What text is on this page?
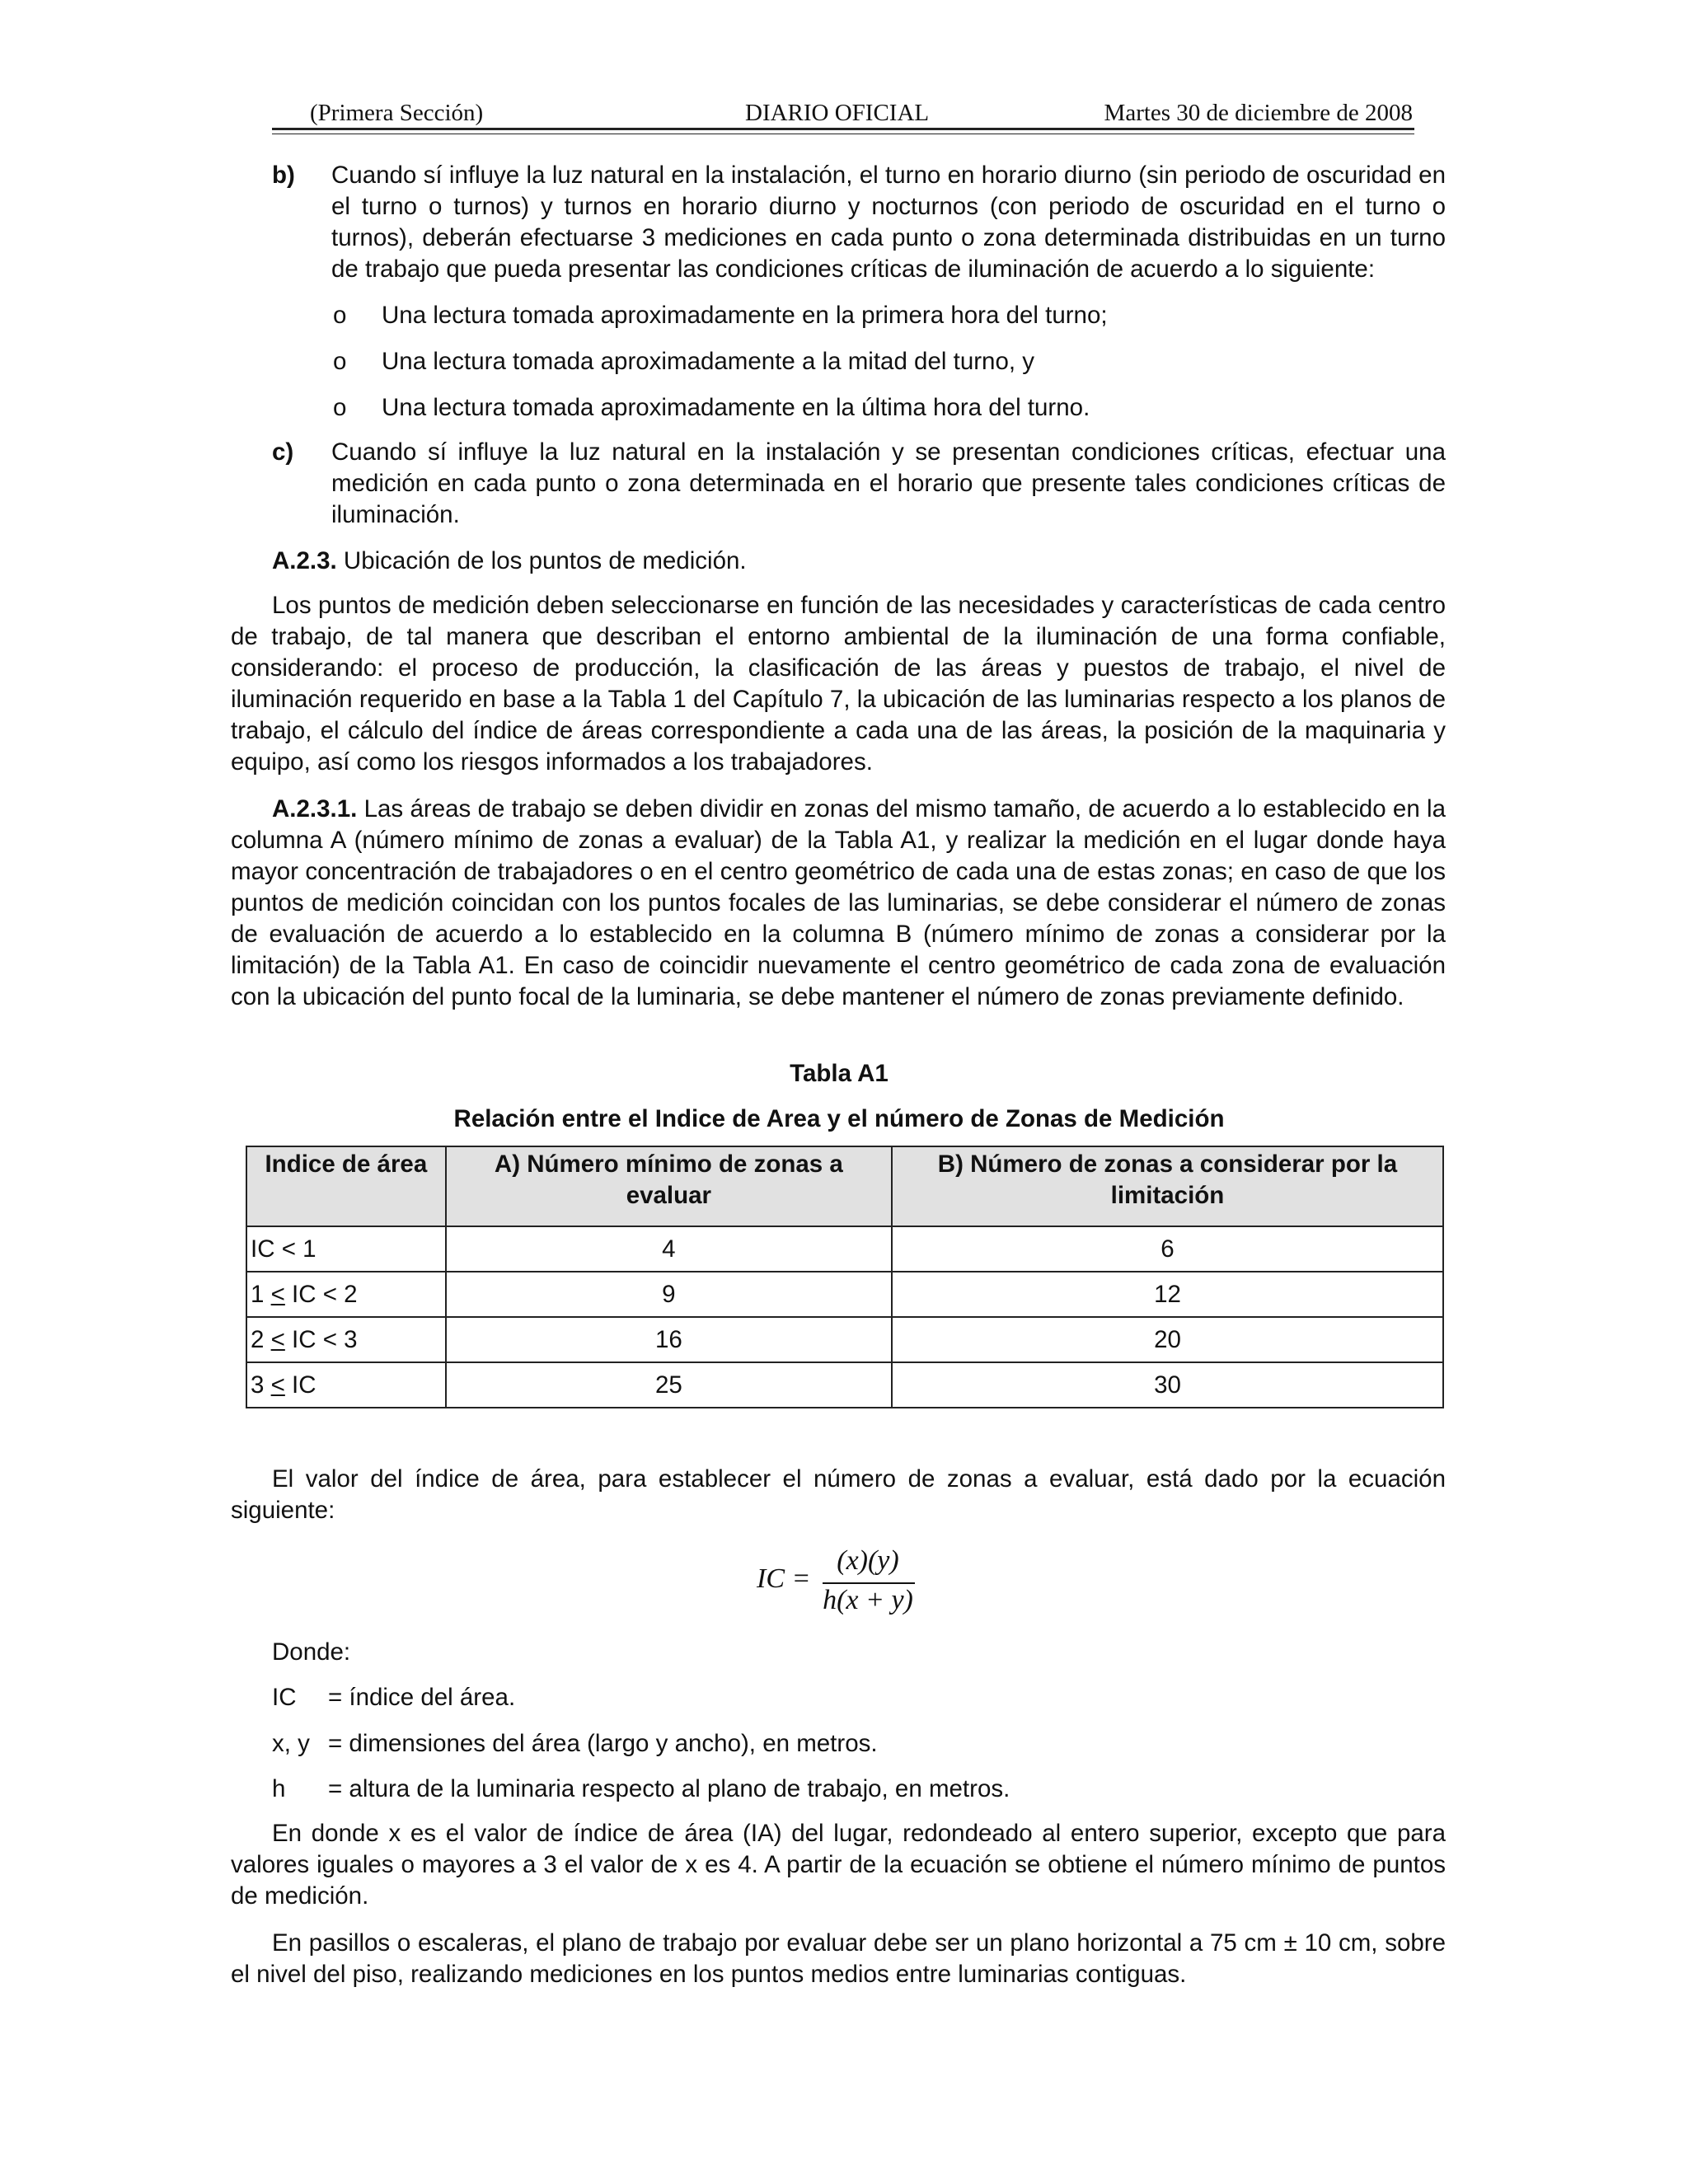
(Primera Sección)	DIARIO OFICIAL	Martes 30 de diciembre de 2008
b) Cuando sí influye la luz natural en la instalación, el turno en horario diurno (sin periodo de oscuridad en el turno o turnos) y turnos en horario diurno y nocturnos (con periodo de oscuridad en el turno o turnos), deberán efectuarse 3 mediciones en cada punto o zona determinada distribuidas en un turno de trabajo que pueda presentar las condiciones críticas de iluminación de acuerdo a lo siguiente:
o Una lectura tomada aproximadamente en la primera hora del turno;
o Una lectura tomada aproximadamente a la mitad del turno, y
o Una lectura tomada aproximadamente en la última hora del turno.
c) Cuando sí influye la luz natural en la instalación y se presentan condiciones críticas, efectuar una medición en cada punto o zona determinada en el horario que presente tales condiciones críticas de iluminación.
A.2.3. Ubicación de los puntos de medición.
Los puntos de medición deben seleccionarse en función de las necesidades y características de cada centro de trabajo, de tal manera que describan el entorno ambiental de la iluminación de una forma confiable, considerando: el proceso de producción, la clasificación de las áreas y puestos de trabajo, el nivel de iluminación requerido en base a la Tabla 1 del Capítulo 7, la ubicación de las luminarias respecto a los planos de trabajo, el cálculo del índice de áreas correspondiente a cada una de las áreas, la posición de la maquinaria y equipo, así como los riesgos informados a los trabajadores.
A.2.3.1. Las áreas de trabajo se deben dividir en zonas del mismo tamaño, de acuerdo a lo establecido en la columna A (número mínimo de zonas a evaluar) de la Tabla A1, y realizar la medición en el lugar donde haya mayor concentración de trabajadores o en el centro geométrico de cada una de estas zonas; en caso de que los puntos de medición coincidan con los puntos focales de las luminarias, se debe considerar el número de zonas de evaluación de acuerdo a lo establecido en la columna B (número mínimo de zonas a considerar por la limitación) de la Tabla A1. En caso de coincidir nuevamente el centro geométrico de cada zona de evaluación con la ubicación del punto focal de la luminaria, se debe mantener el número de zonas previamente definido.
Tabla A1
Relación entre el Indice de Area y el número de Zonas de Medición
Indice de área	A) Número mínimo de zonas a evaluar	B) Número de zonas a considerar por la limitación
IC < 1	4	6
1 < IC < 2	9	12
2 < IC < 3	16	20
3 < IC	25	30
El valor del índice de área, para establecer el número de zonas a evaluar, está dado por la ecuación siguiente:
IC =
(x)(y)
h(x + y)
Donde:
IC = índice del área.
x, y = dimensiones del área (largo y ancho), en metros.
h = altura de la luminaria respecto al plano de trabajo, en metros.
En donde x es el valor de índice de área (IA) del lugar, redondeado al entero superior, excepto que para valores iguales o mayores a 3 el valor de x es 4. A partir de la ecuación se obtiene el número mínimo de puntos de medición.
En pasillos o escaleras, el plano de trabajo por evaluar debe ser un plano horizontal a 75 cm ± 10 cm, sobre el nivel del piso, realizando mediciones en los puntos medios entre luminarias contiguas.
